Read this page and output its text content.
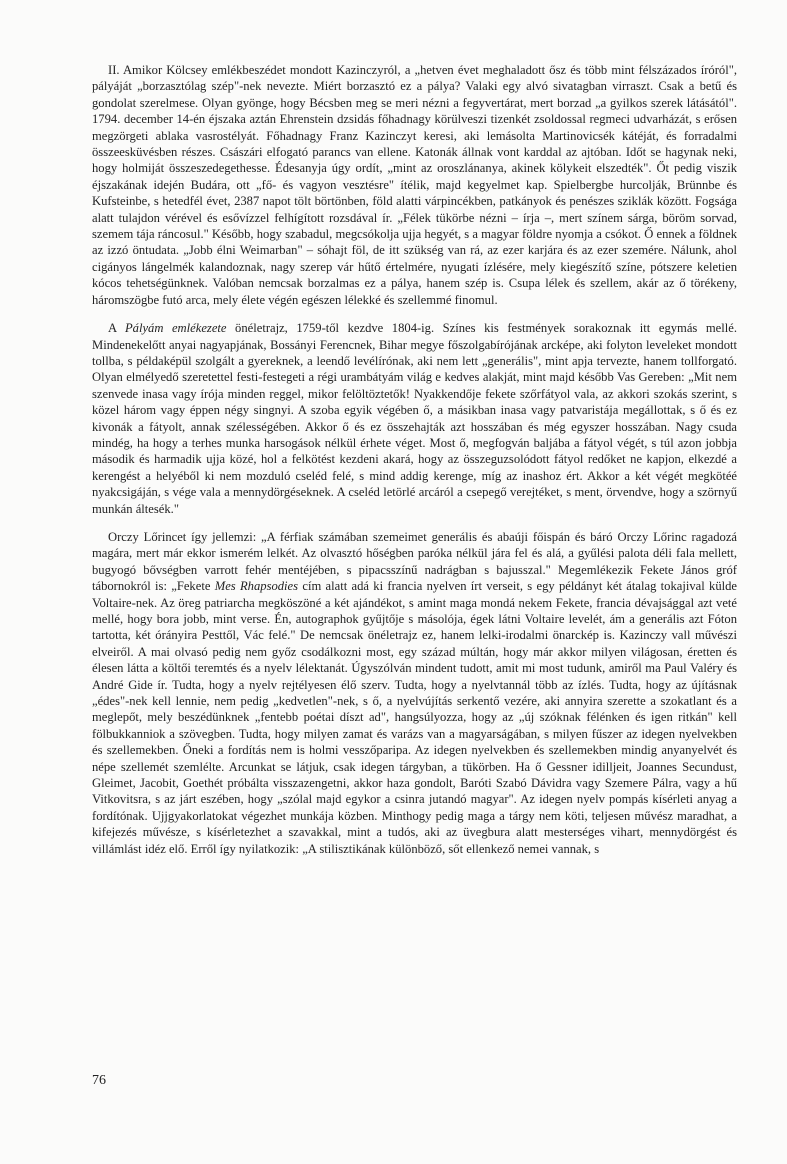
II. Amikor Kölcsey emlékbeszédet mondott Kazinczyról, a „hetven évet meghaladott ősz és több mint félszázados íróról", pályáját „borzasztólag szép"-nek nevezte. Miért borzasztó ez a pálya? Valaki egy alvó sivatagban virraszt. Csak a betű és gondolat szerelmese. Olyan gyönge, hogy Bécsben meg se meri nézni a fegyvertárat, mert borzad „a gyilkos szerek látásától". 1794. december 14-én éjszaka aztán Ehrenstein dzsidás főhadnagy körülveszi tizenkét zsoldossal regmeci udvarházát, s erősen megzörgeti ablaka vasrostélyát. Főhadnagy Franz Kazinczyt keresi, aki lemásolta Martinovicsék kátéját, és forradalmi összeesküvésben részes. Császári elfogató parancs van ellene. Katonák állnak vont karddal az ajtóban. Időt se hagynak neki, hogy holmiját összeszedegethesse. Édesanyja úgy ordít, „mint az oroszlánanya, akinek kölykeit elszedték". Őt pedig viszik éjszakának idején Budára, ott „fő- és vagyon vesztésre" ítélik, majd kegyelmet kap. Spielbergbe hurcolják, Brünnbe és Kufsteinbe, s hetedfél évet, 2387 napot tölt börtönben, föld alatti várpincékben, patkányok és penészes sziklák között. Fogsága alatt tulajdon vérével és esővízzel felhígított rozsdával ír. „Félek tükörbe nézni – írja –, mert színem sárga, böröm sorvad, szemem tája ráncosul." Később, hogy szabadul, megcsókolja ujja hegyét, s a magyar földre nyomja a csókot. Ő ennek a földnek az izzó öntudata. „Jobb élni Weimarban" – sóhajt föl, de itt szükség van rá, az ezer karjára és az ezer szemére. Nálunk, ahol cigányos lángelmék kalandoznak, nagy szerep vár hűtő értelmére, nyugati ízlésére, mely kiegészítő színe, pótszere keletien kócos tehetségünknek. Valóban nemcsak borzalmas ez a pálya, hanem szép is. Csupa lélek és szellem, akár az ő törékeny, háromszögbe futó arca, mely élete végén egészen lélekké és szellemmé finomul.

A Pályám emlékezete önéletrajz, 1759-től kezdve 1804-ig. Színes kis festmények sorakoznak itt egymás mellé. Mindenekelőtt anyai nagyapjának, Bossányi Ferencnek, Bihar megye főszolgabírójának arcképe, aki folyton leveleket mondott tollba, s példaképül szolgált a gyereknek, a leendő levélírónak, aki nem lett „generális", mint apja tervezte, hanem tollforgató. Olyan elmélyedő szeretettel festi-festegeti a régi urambátyám világ e kedves alakját, mint majd később Vas Gereben: „Mit nem szenvede inasa vagy írója minden reggel, mikor felöltöztetők! Nyakkendője fekete szőrfátyol vala, az akkori szokás szerint, s közel három vagy éppen négy singnyi. A szoba egyik végében ő, a másikban inasa vagy patvaristája megállottak, s ő és ez kivonák a fátyolt, annak szélességében. Akkor ő és ez összehajták azt hosszában és még egyszer hosszában. Nagy csuda mindég, ha hogy a terhes munka harsogások nélkül érhete véget. Most ő, megfogván baljába a fátyol végét, s túl azon jobbja második és harmadik ujja közé, hol a felkötést kezdeni akará, hogy az összeguzsolódott fátyol redőket ne kapjon, elkezdé a kerengést a helyéből ki nem mozduló cseléd felé, s mind addig kerenge, míg az inashoz ért. Akkor a két végét megkötéé nyakcsigáján, s vége vala a mennydörgéseknek. A cseléd letörlé arcáról a csepegő verejtéket, s ment, örvendve, hogy a szörnyű munkán áltesék."

Orczy Lőrincet így jellemzi: „A férfiak számában szemeimet generális és abaúji főispán és báró Orczy Lőrinc ragadozá magára, mert már ekkor ismerém lelkét. Az olvasztó hőségben paróka nélkül jára fel és alá, a gyűlési palota déli fala mellett, bugyogó bővségben varrott fehér mentéjében, s pipacsszínű nadrágban s bajusszal." Megemlékezik Fekete János gróf tábornokról is: „Fekete Mes Rhapsodies cím alatt adá ki francia nyelven írt verseit, s egy példányt két átalag tokajival külde Voltaire-nek. Az öreg patriarcha megköszöné a két ajándékot, s amint maga mondá nekem Fekete, francia dévajsággal azt veté mellé, hogy bora jobb, mint verse. Én, autographok gyűjtője s másolója, égek látni Voltaire levelét, ám a generális azt Fóton tartotta, két órányira Pesttől, Vác felé." De nemcsak önéletrajz ez, hanem lelki-irodalmi önarckép is. Kazinczy vall művészi elveiről. A mai olvasó pedig nem győz csodálkozni most, egy század múltán, hogy már akkor milyen világosan, éretten és élesen látta a költői teremtés és a nyelv lélektanát. Úgyszólván mindent tudott, amit mi most tudunk, amiről ma Paul Valéry és André Gide ír. Tudta, hogy a nyelv rejtélyesen élő szerv. Tudta, hogy a nyelvtannál több az ízlés. Tudta, hogy az újításnak „édes"-nek kell lennie, nem pedig „kedvetlen"-nek, s ő, a nyelvújítás serkentő vezére, aki annyira szerette a szokatlant és a meglepőt, mely beszédünknek „fentebb poétai díszt ad", hangsúlyozza, hogy az „új szóknak félénken és igen ritkán" kell fölbukkanniok a szövegben. Tudta, hogy milyen zamat és varázs van a magyarságában, s milyen fűszer az idegen nyelvekben és szellemekben. Őneki a fordítás nem is holmi vesszőparipa. Az idegen nyelvekben és szellemekben mindig anyanyelvét és népe szellemét szemlélte. Arcunkat se látjuk, csak idegen tárgyban, a tükörben. Ha ő Gessner idilljeit, Joannes Secundust, Gleimet, Jacobit, Goethét próbálta visszazengetni, akkor haza gondolt, Baróti Szabó Dávidra vagy Szemere Pálra, vagy a hű Vitkovitsra, s az járt eszében, hogy „szólal majd egykor a csinra jutandó magyar". Az idegen nyelv pompás kísérleti anyag a fordítónak. Ujjgyakorlatokat végezhet munkája közben. Minthogy pedig maga a tárgy nem köti, teljesen művész maradhat, a kifejezés művésze, s kísérletezhet a szavakkal, mint a tudós, aki az üvegbura alatt mesterséges vihart, mennydörgést és villámlást idéz elő. Erről így nyilatkozik: „A stilisztikának különböző, sőt ellenkező nemei vannak, s

76
